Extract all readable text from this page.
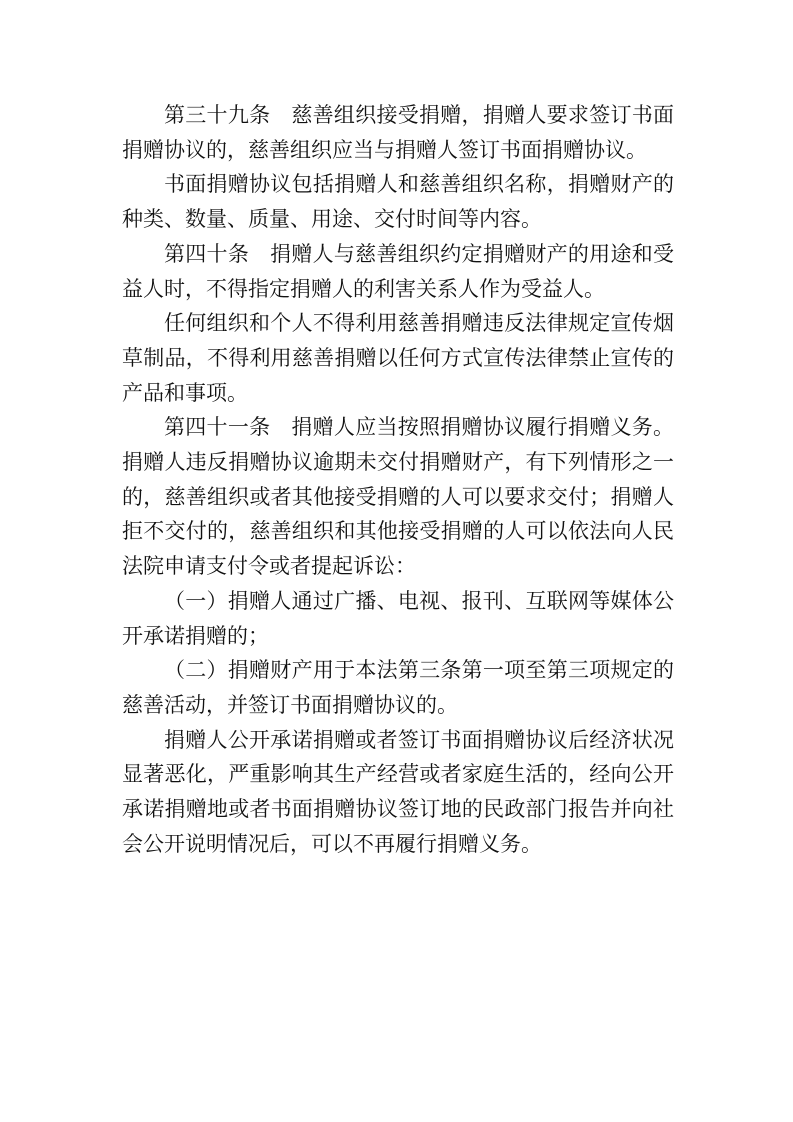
第三十九条 慈善组织接受捐赠，捐赠人要求签订书面捐赠协议的，慈善组织应当与捐赠人签订书面捐赠协议。

书面捐赠协议包括捐赠人和慈善组织名称，捐赠财产的种类、数量、质量、用途、交付时间等内容。

第四十条 捐赠人与慈善组织约定捐赠财产的用途和受益人时，不得指定捐赠人的利害关系人作为受益人。

任何组织和个人不得利用慈善捐赠违反法律规定宣传烟草制品，不得利用慈善捐赠以任何方式宣传法律禁止宣传的产品和事项。

第四十一条 捐赠人应当按照捐赠协议履行捐赠义务。捐赠人违反捐赠协议逾期未交付捐赠财产，有下列情形之一的，慈善组织或者其他接受捐赠的人可以要求交付；捐赠人拒不交付的，慈善组织和其他接受捐赠的人可以依法向人民法院申请支付令或者提起诉讼：

（一）捐赠人通过广播、电视、报刊、互联网等媒体公开承诺捐赠的；

（二）捐赠财产用于本法第三条第一项至第三项规定的慈善活动，并签订书面捐赠协议的。

捐赠人公开承诺捐赠或者签订书面捐赠协议后经济状况显著恶化，严重影响其生产经营或者家庭生活的，经向公开承诺捐赠地或者书面捐赠协议签订地的民政部门报告并向社会公开说明情况后，可以不再履行捐赠义务。
